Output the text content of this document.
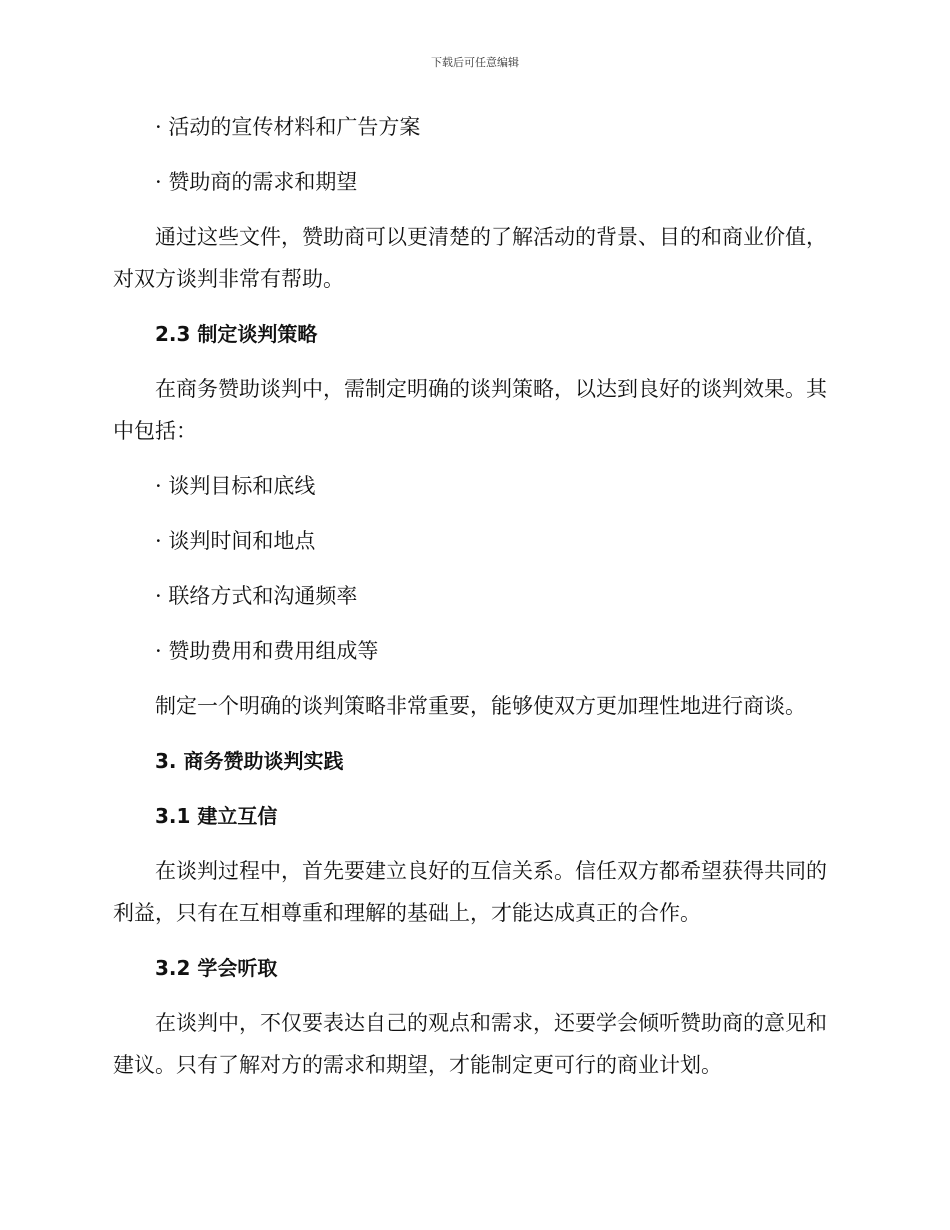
下载后可任意编辑

· 活动的宣传材料和广告方案

· 赞助商的需求和期望

通过这些文件，赞助商可以更清楚的了解活动的背景、目的和商业价值，对双方谈判非常有帮助。

2.3 制定谈判策略

在商务赞助谈判中，需制定明确的谈判策略，以达到良好的谈判效果。其中包括：

· 谈判目标和底线

· 谈判时间和地点

· 联络方式和沟通频率

· 赞助费用和费用组成等

制定一个明确的谈判策略非常重要，能够使双方更加理性地进行商谈。

3. 商务赞助谈判实践

3.1 建立互信

在谈判过程中，首先要建立良好的互信关系。信任双方都希望获得共同的利益，只有在互相尊重和理解的基础上，才能达成真正的合作。

3.2 学会听取

在谈判中，不仅要表达自己的观点和需求，还要学会倾听赞助商的意见和建议。只有了解对方的需求和期望，才能制定更可行的商业计划。
